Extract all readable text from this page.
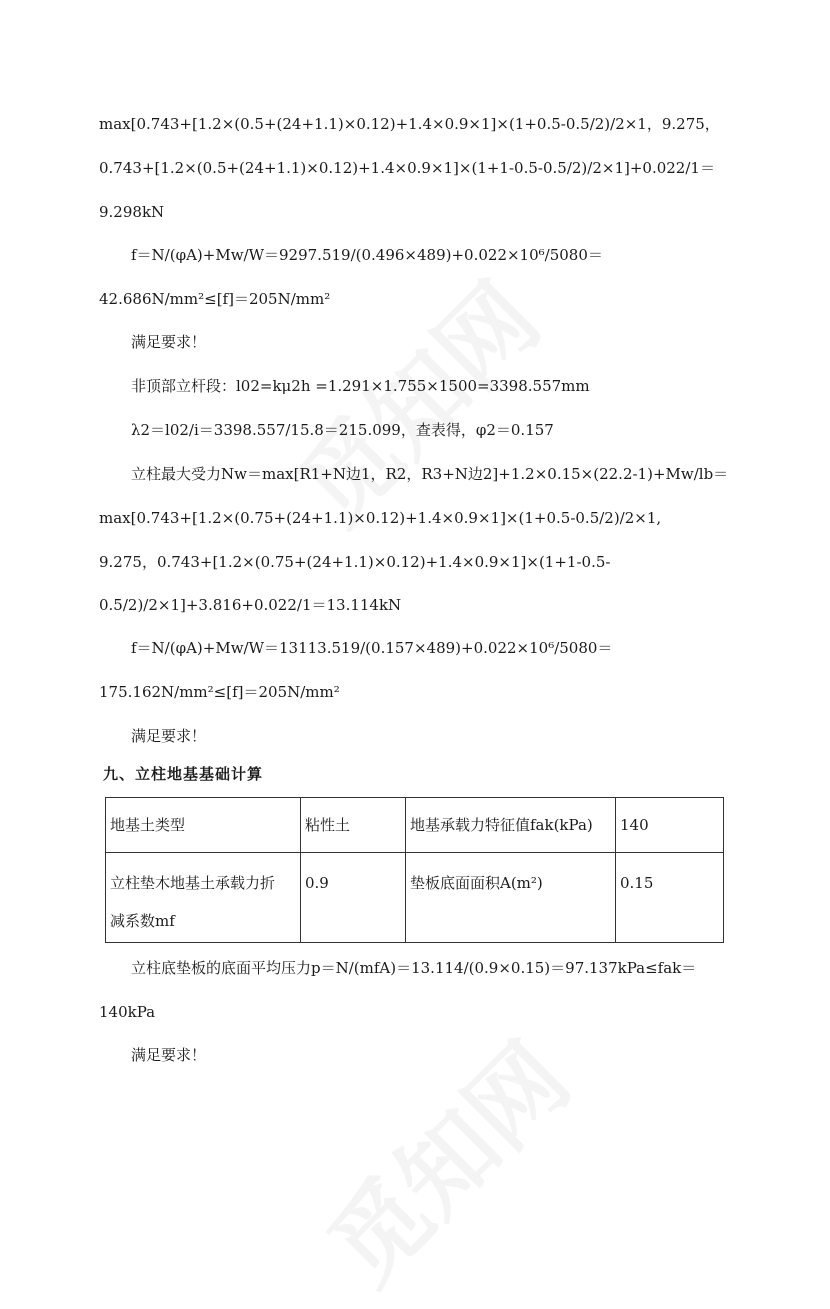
max[0.743+[1.2×(0.5+(24+1.1)×0.12)+1.4×0.9×1]×(1+0.5-0.5/2)/2×1，9.275，
0.743+[1.2×(0.5+(24+1.1)×0.12)+1.4×0.9×1]×(1+1-0.5-0.5/2)/2×1]+0.022/1＝
9.298kN
f＝N/(φA)+Mw/W＝9297.519/(0.496×489)+0.022×10⁶/5080＝
42.686N/mm²≤[f]＝205N/mm²
满足要求！
非顶部立杆段：l02=kμ2h =1.291×1.755×1500=3398.557mm
λ2＝l02/i＝3398.557/15.8＝215.099，查表得，φ2＝0.157
立柱最大受力Nw＝max[R1+N边1，R2，R3+N边2]+1.2×0.15×(22.2-1)+Mw/lb＝
max[0.743+[1.2×(0.75+(24+1.1)×0.12)+1.4×0.9×1]×(1+0.5-0.5/2)/2×1,
9.275，0.743+[1.2×(0.75+(24+1.1)×0.12)+1.4×0.9×1]×(1+1-0.5-
0.5/2)/2×1]+3.816+0.022/1＝13.114kN
f＝N/(φA)+Mw/W＝13113.519/(0.157×489)+0.022×10⁶/5080＝
175.162N/mm²≤[f]＝205N/mm²
满足要求！
九、立柱地基基础计算
地基土类型	粘性土	地基承载力特征值fak(kPa)	140
立柱垫木地基土承载力折
减系数mf	0.9	垫板底面面积A(m²)	0.15
立柱底垫板的底面平均压力p＝N/(mfA)＝13.114/(0.9×0.15)＝97.137kPa≤fak＝
140kPa
满足要求！
